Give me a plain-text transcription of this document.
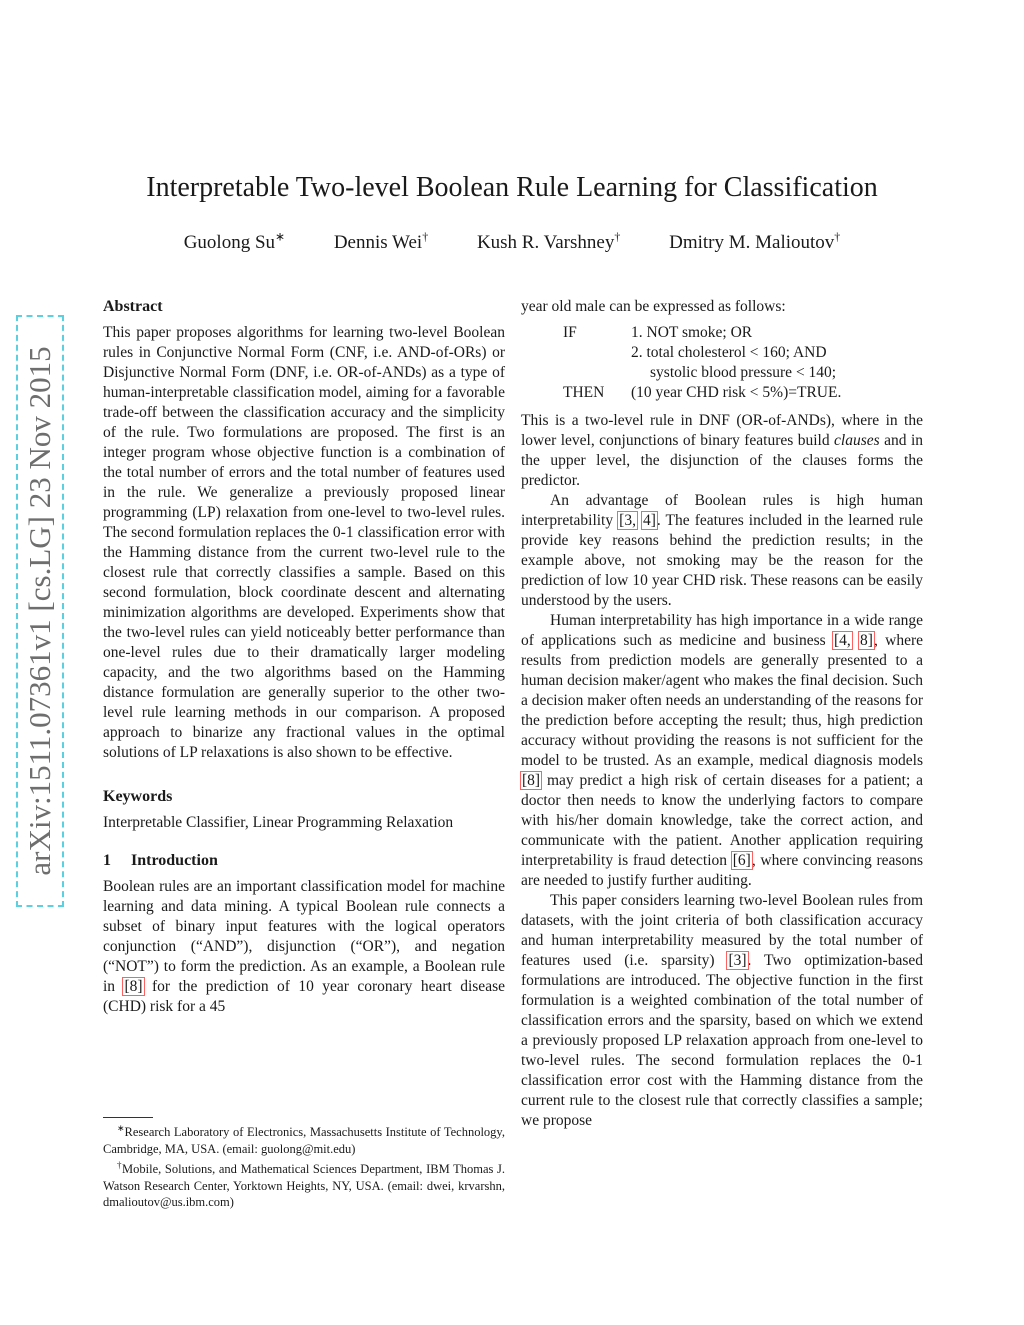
arXiv:1511.07361v1 [cs.LG] 23 Nov 2015
Interpretable Two-level Boolean Rule Learning for Classification
Guolong Su∗	Dennis Wei†	Kush R. Varshney†	Dmitry M. Malioutov†
Abstract

This paper proposes algorithms for learning two-level Boolean rules in Conjunctive Normal Form (CNF, i.e. AND-of-ORs) or Disjunctive Normal Form (DNF, i.e. OR-of-ANDs) as a type of human-interpretable classification model, aiming for a favorable trade-off between the classification accuracy and the simplicity of the rule. Two formulations are proposed. The first is an integer program whose objective function is a combination of the total number of errors and the total number of features used in the rule. We generalize a previously proposed linear programming (LP) relaxation from one-level to two-level rules. The second formulation replaces the 0-1 classification error with the Hamming distance from the current two-level rule to the closest rule that correctly classifies a sample. Based on this second formulation, block coordinate descent and alternating minimization algorithms are developed. Experiments show that the two-level rules can yield noticeably better performance than one-level rules due to their dramatically larger modeling capacity, and the two algorithms based on the Hamming distance formulation are generally superior to the other two-level rule learning methods in our comparison. A proposed approach to binarize any fractional values in the optimal solutions of LP relaxations is also shown to be effective.

Keywords

Interpretable Classifier, Linear Programming Relaxation

1 Introduction

Boolean rules are an important classification model for machine learning and data mining. A typical Boolean rule connects a subset of binary input features with the logical operators conjunction (“AND”), disjunction (“OR”), and negation (“NOT”) to form the prediction. As an example, a Boolean rule in [8] for the prediction of 10 year coronary heart disease (CHD) risk for a 45

∗Research Laboratory of Electronics, Massachusetts Institute of Technology, Cambridge, MA, USA. (email: guolong@mit.edu)

†Mobile, Solutions, and Mathematical Sciences Department, IBM Thomas J. Watson Research Center, Yorktown Heights, NY, USA. (email: dwei, krvarshn, dmalioutov@us.ibm.com)

year old male can be expressed as follows:

IF	1. NOT smoke; OR
	2. total cholesterol < 160; AND
	systolic blood pressure < 140;
THEN	(10 year CHD risk < 5%)=TRUE.

This is a two-level rule in DNF (OR-of-ANDs), where in the lower level, conjunctions of binary features build clauses and in the upper level, the disjunction of the clauses forms the predictor.

An advantage of Boolean rules is high human interpretability [3, 4]. The features included in the learned rule provide key reasons behind the prediction results; in the example above, not smoking may be the reason for the prediction of low 10 year CHD risk. These reasons can be easily understood by the users.

Human interpretability has high importance in a wide range of applications such as medicine and business [4, 8], where results from prediction models are generally presented to a human decision maker/agent who makes the final decision. Such a decision maker often needs an understanding of the reasons for the prediction before accepting the result; thus, high prediction accuracy without providing the reasons is not sufficient for the model to be trusted. As an example, medical diagnosis models [8] may predict a high risk of certain diseases for a patient; a doctor then needs to know the underlying factors to compare with his/her domain knowledge, take the correct action, and communicate with the patient. Another application requiring interpretability is fraud detection [6], where convincing reasons are needed to justify further auditing.

This paper considers learning two-level Boolean rules from datasets, with the joint criteria of both classification accuracy and human interpretability measured by the total number of features used (i.e. sparsity) [3]. Two optimization-based formulations are introduced. The objective function in the first formulation is a weighted combination of the total number of classification errors and the sparsity, based on which we extend a previously proposed LP relaxation approach from one-level to two-level rules. The second formulation replaces the 0-1 classification error cost with the Hamming distance from the current rule to the closest rule that correctly classifies a sample; we propose
